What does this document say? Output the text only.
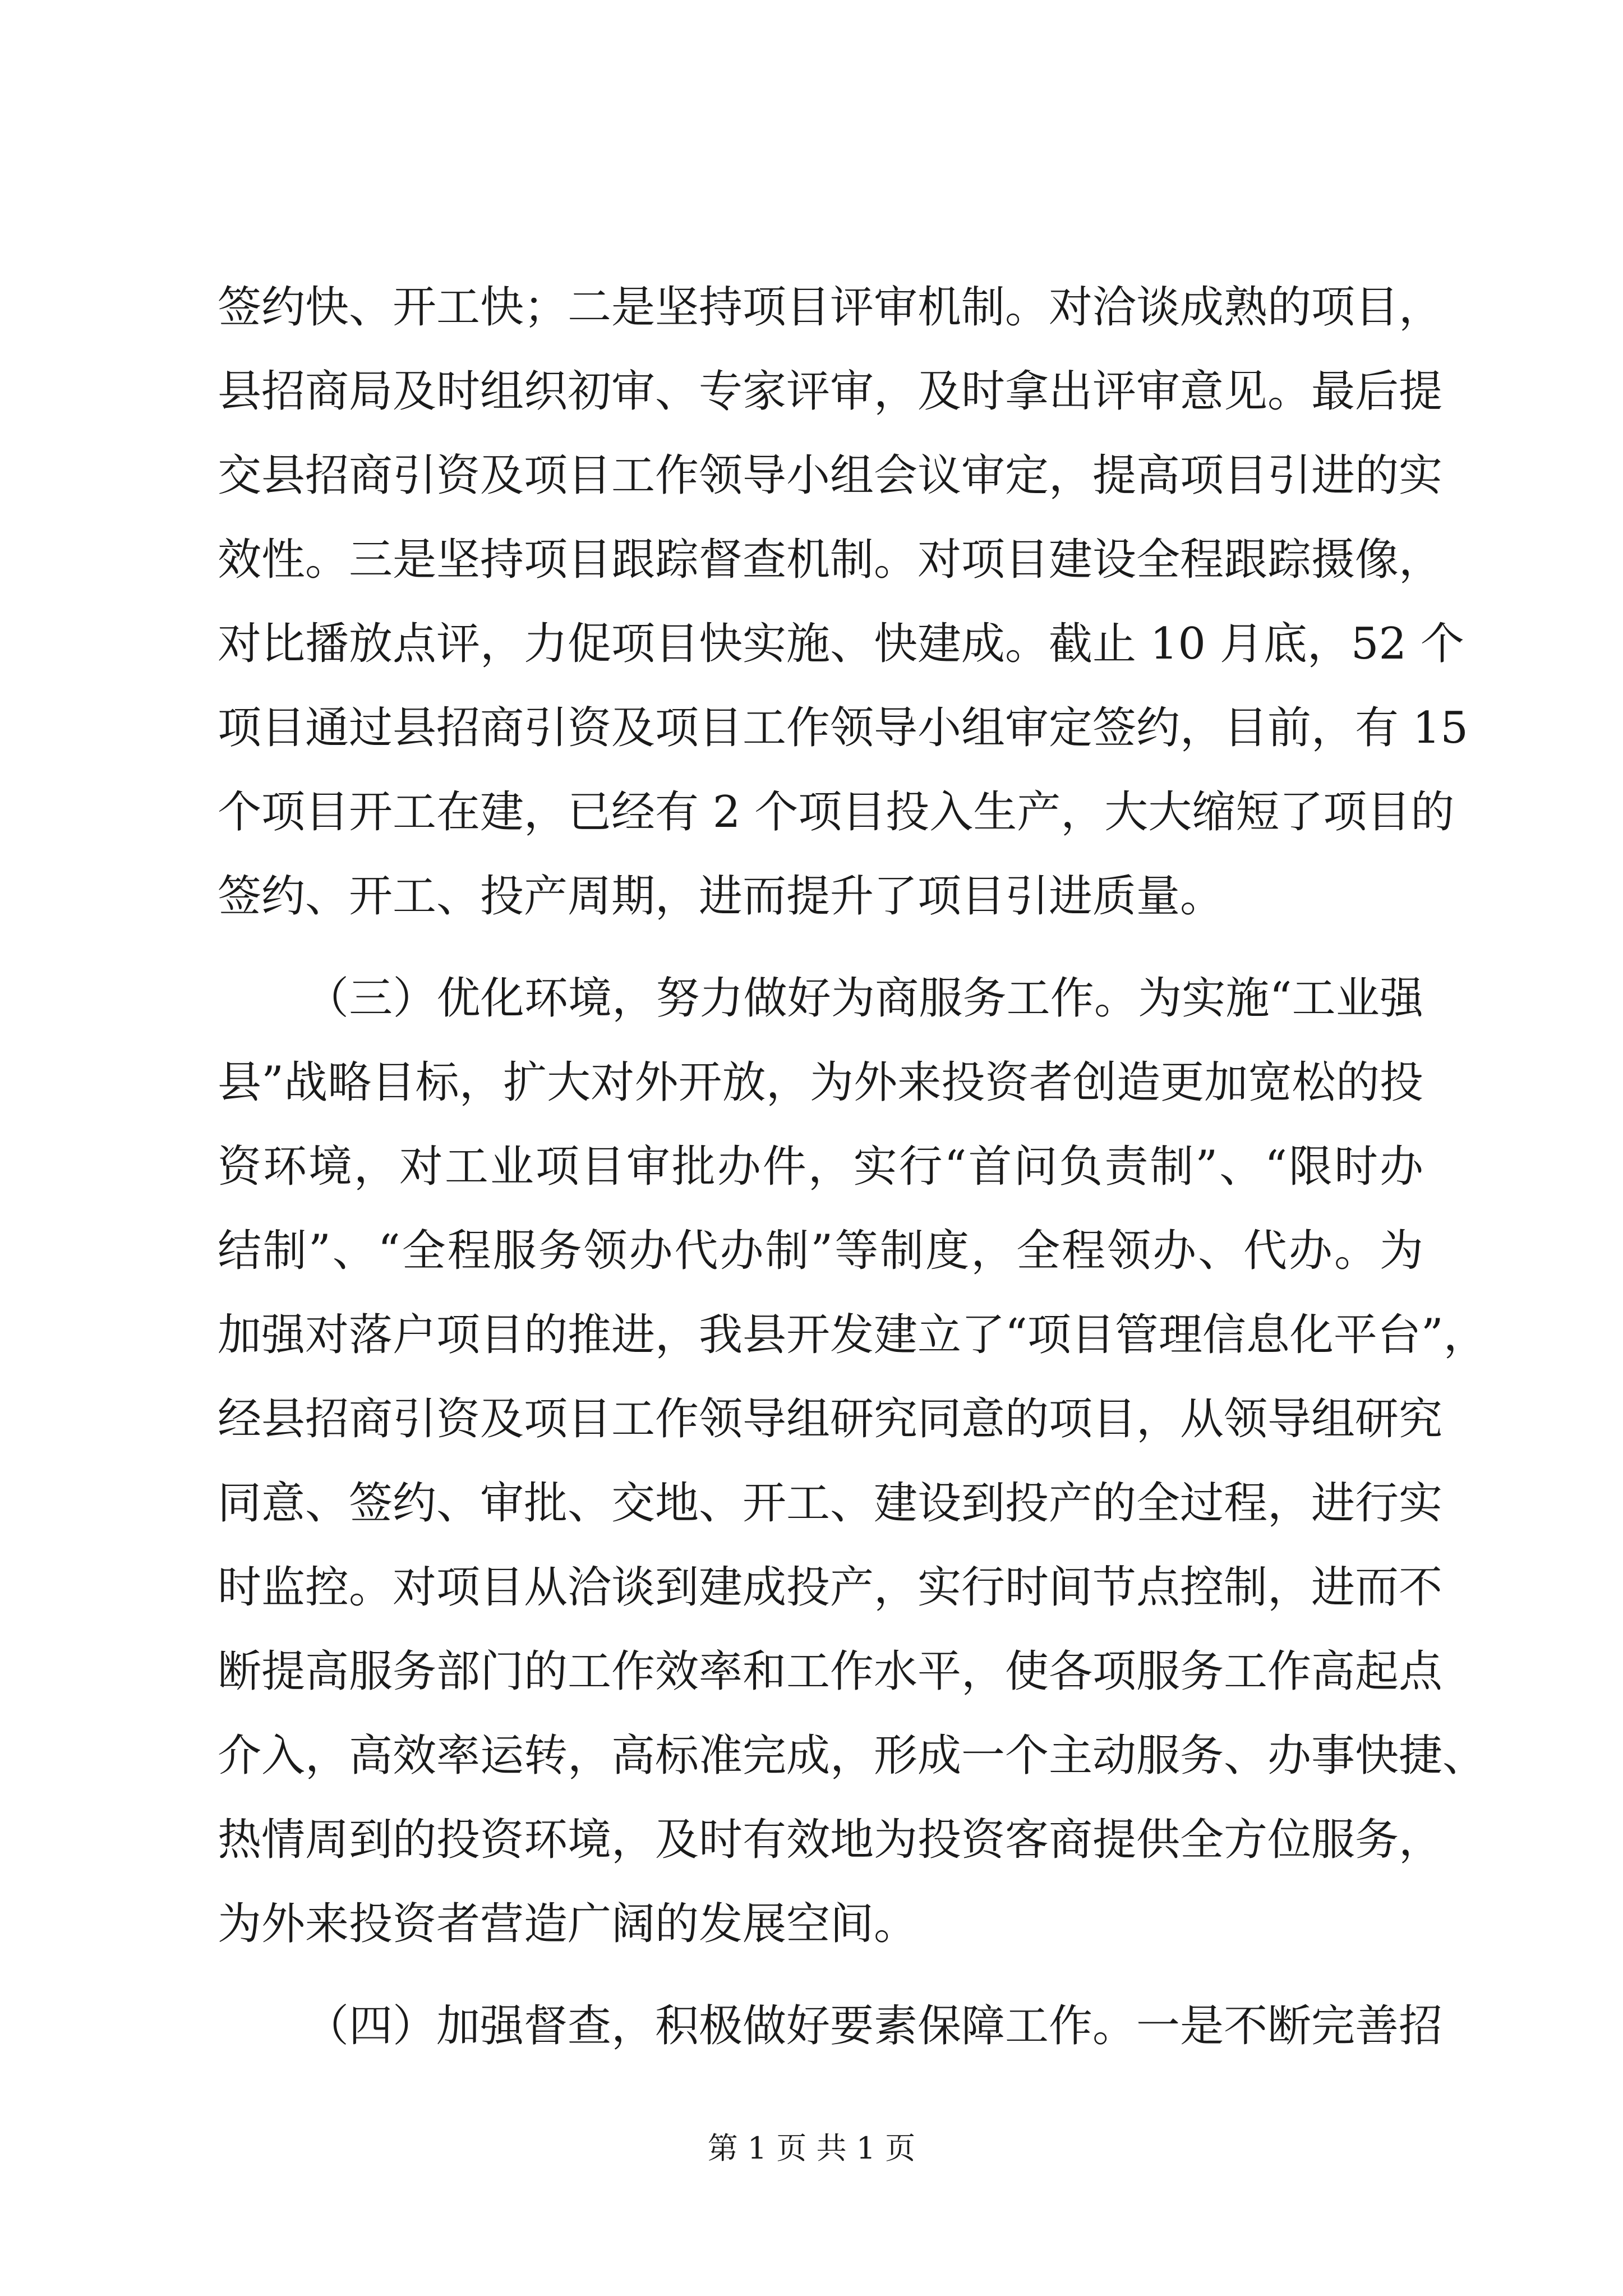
签约快、开工快；二是坚持项目评审机制。对洽谈成熟的项目，
县招商局及时组织初审、专家评审，及时拿出评审意见。最后提
交县招商引资及项目工作领导小组会议审定，提高项目引进的实
效性。三是坚持项目跟踪督查机制。对项目建设全程跟踪摄像，
对比播放点评，力促项目快实施、快建成。截止 10 月底，52 个
项目通过县招商引资及项目工作领导小组审定签约，目前，有 15
个项目开工在建，已经有 2 个项目投入生产，大大缩短了项目的
签约、开工、投产周期，进而提升了项目引进质量。
（三）优化环境，努力做好为商服务工作。为实施“工业强
县”战略目标，扩大对外开放，为外来投资者创造更加宽松的投
资环境，对工业项目审批办件，实行“首问负责制”、“限时办
结制”、“全程服务领办代办制”等制度，全程领办、代办。为
加强对落户项目的推进，我县开发建立了“项目管理信息化平台”，
经县招商引资及项目工作领导组研究同意的项目，从领导组研究
同意、签约、审批、交地、开工、建设到投产的全过程，进行实
时监控。对项目从洽谈到建成投产，实行时间节点控制，进而不
断提高服务部门的工作效率和工作水平，使各项服务工作高起点
介入，高效率运转，高标准完成，形成一个主动服务、办事快捷、
热情周到的投资环境，及时有效地为投资客商提供全方位服务，
为外来投资者营造广阔的发展空间。
（四）加强督查，积极做好要素保障工作。一是不断完善招
第 1 页 共 1 页
